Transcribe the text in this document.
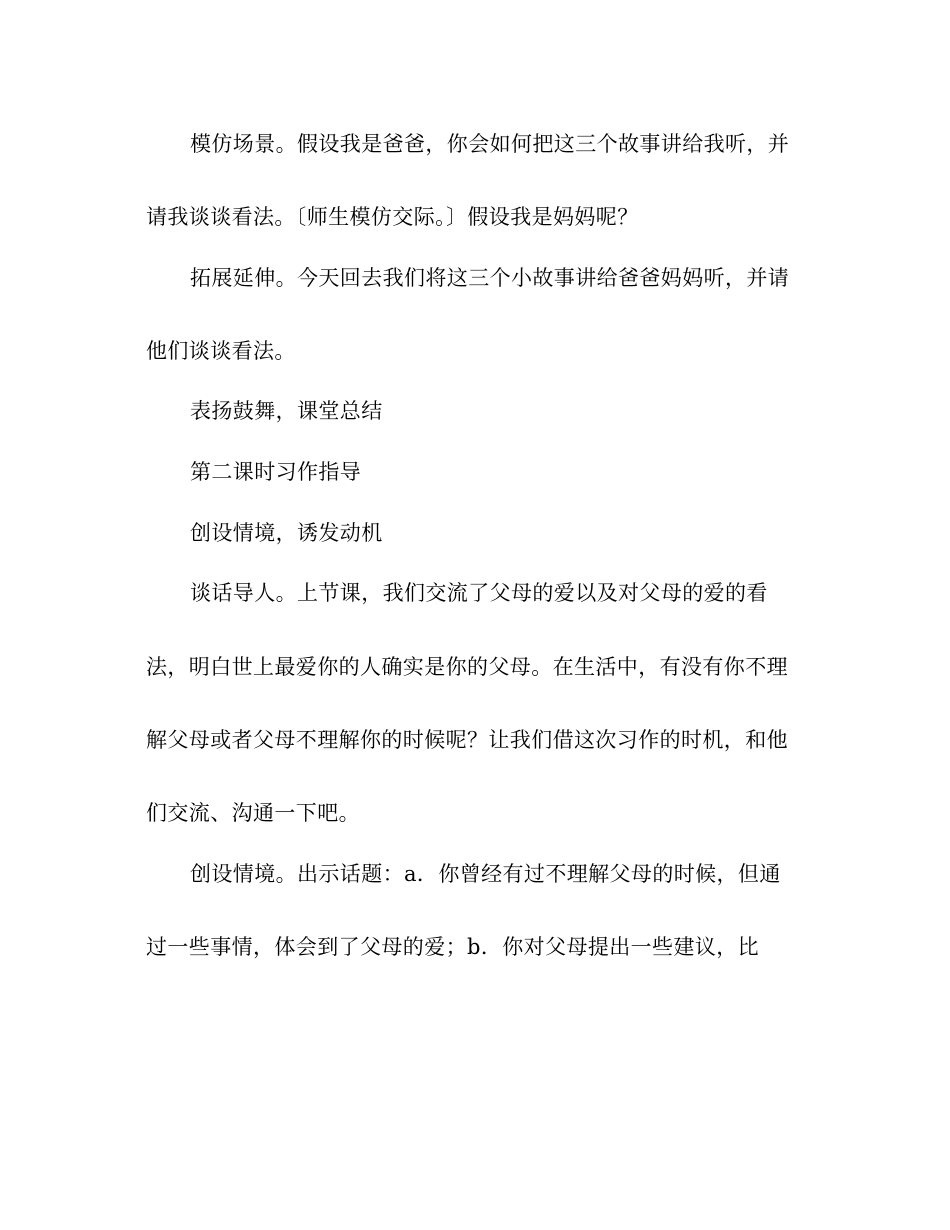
模仿场景。假设我是爸爸，你会如何把这三个故事讲给我听，并
请我谈谈看法。〔师生模仿交际。〕假设我是妈妈呢？
拓展延伸。今天回去我们将这三个小故事讲给爸爸妈妈听，并请
他们谈谈看法。
表扬鼓舞，课堂总结
第二课时习作指导
创设情境，诱发动机
谈话导人。上节课，我们交流了父母的爱以及对父母的爱的看
法，明白世上最爱你的人确实是你的父母。在生活中，有没有你不理
解父母或者父母不理解你的时候呢？让我们借这次习作的时机，和他
们交流、沟通一下吧。
创设情境。出示话题：a．你曾经有过不理解父母的时候，但通
过一些事情，体会到了父母的爱；b．你对父母提出一些建议，比
